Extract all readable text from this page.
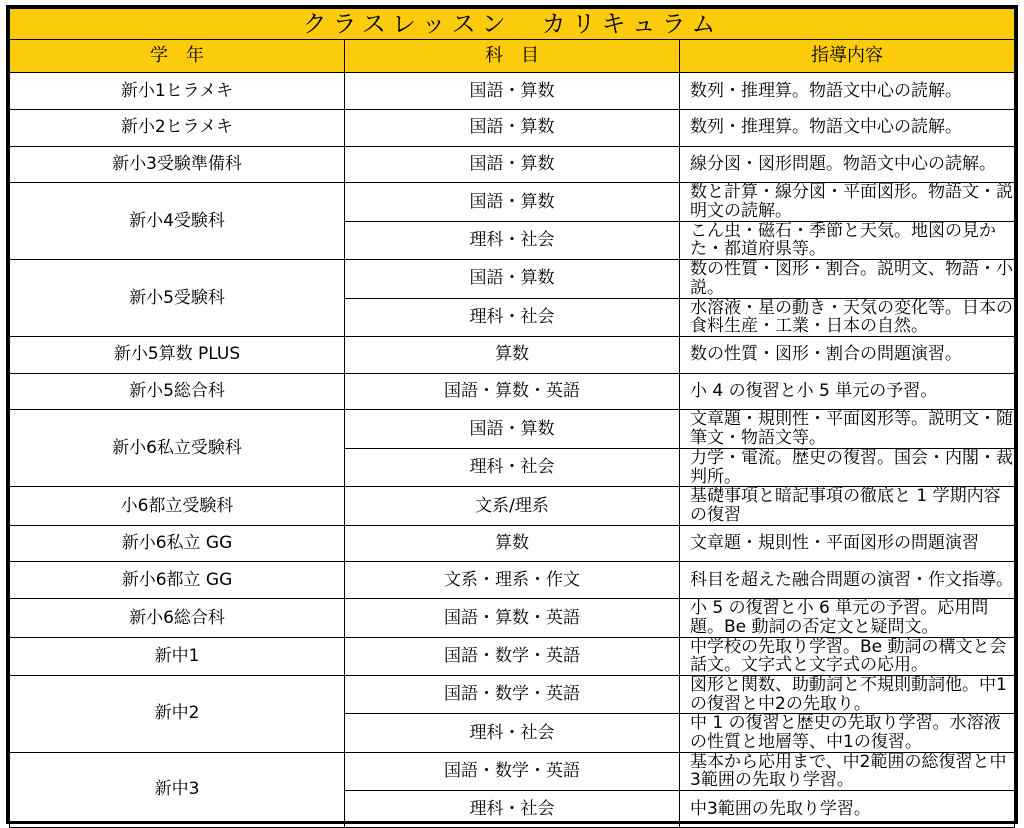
クラスレッスン　カリキュラム		
学　年	科　目	指導内容
新小1ヒラメキ	国語・算数	数列・推理算。物語文中心の読解。
新小2ヒラメキ	国語・算数	数列・推理算。物語文中心の読解。
新小3受験準備科	国語・算数	線分図・図形問題。物語文中心の読解。
新小4受験科	国語・算数	数と計算・線分図・平面図形。物語文・説明文の読解。
	理科・社会	こん虫・磁石・季節と天気。地図の見かた・都道府県等。
新小5受験科	国語・算数	数の性質・図形・割合。説明文、物語・小説。
	理科・社会	水溶液・星の動き・天気の変化等。日本の食料生産・工業・日本の自然。
新小5算数 PLUS	算数	数の性質・図形・割合の問題演習。
新小5総合科	国語・算数・英語	小 4 の復習と小 5 単元の予習。
新小6私立受験科	国語・算数	文章題・規則性・平面図形等。説明文・随筆文・物語文等。
	理科・社会	力学・電流。歴史の復習。国会・内閣・裁判所。
小6都立受験科	文系/理系	基礎事項と暗記事項の徹底と 1 学期内容の復習
新小6私立 GG	算数	文章題・規則性・平面図形の問題演習
新小6都立 GG	文系・理系・作文	科目を超えた融合問題の演習・作文指導。
新小6総合科	国語・算数・英語	小 5 の復習と小 6 単元の予習。応用問題。Be 動詞の否定文と疑問文。
新中1	国語・数学・英語	中学校の先取り学習。Be 動詞の構文と会話文。文字式と文字式の応用。
新中2	国語・数学・英語	図形と関数、助動詞と不規則動詞他。中1の復習と中2の先取り。
	理科・社会	中 1 の復習と歴史の先取り学習。水溶液の性質と地層等、中1の復習。
新中3	国語・数学・英語	基本から応用まで、中2範囲の総復習と中3範囲の先取り学習。
	理科・社会	中3範囲の先取り学習。
